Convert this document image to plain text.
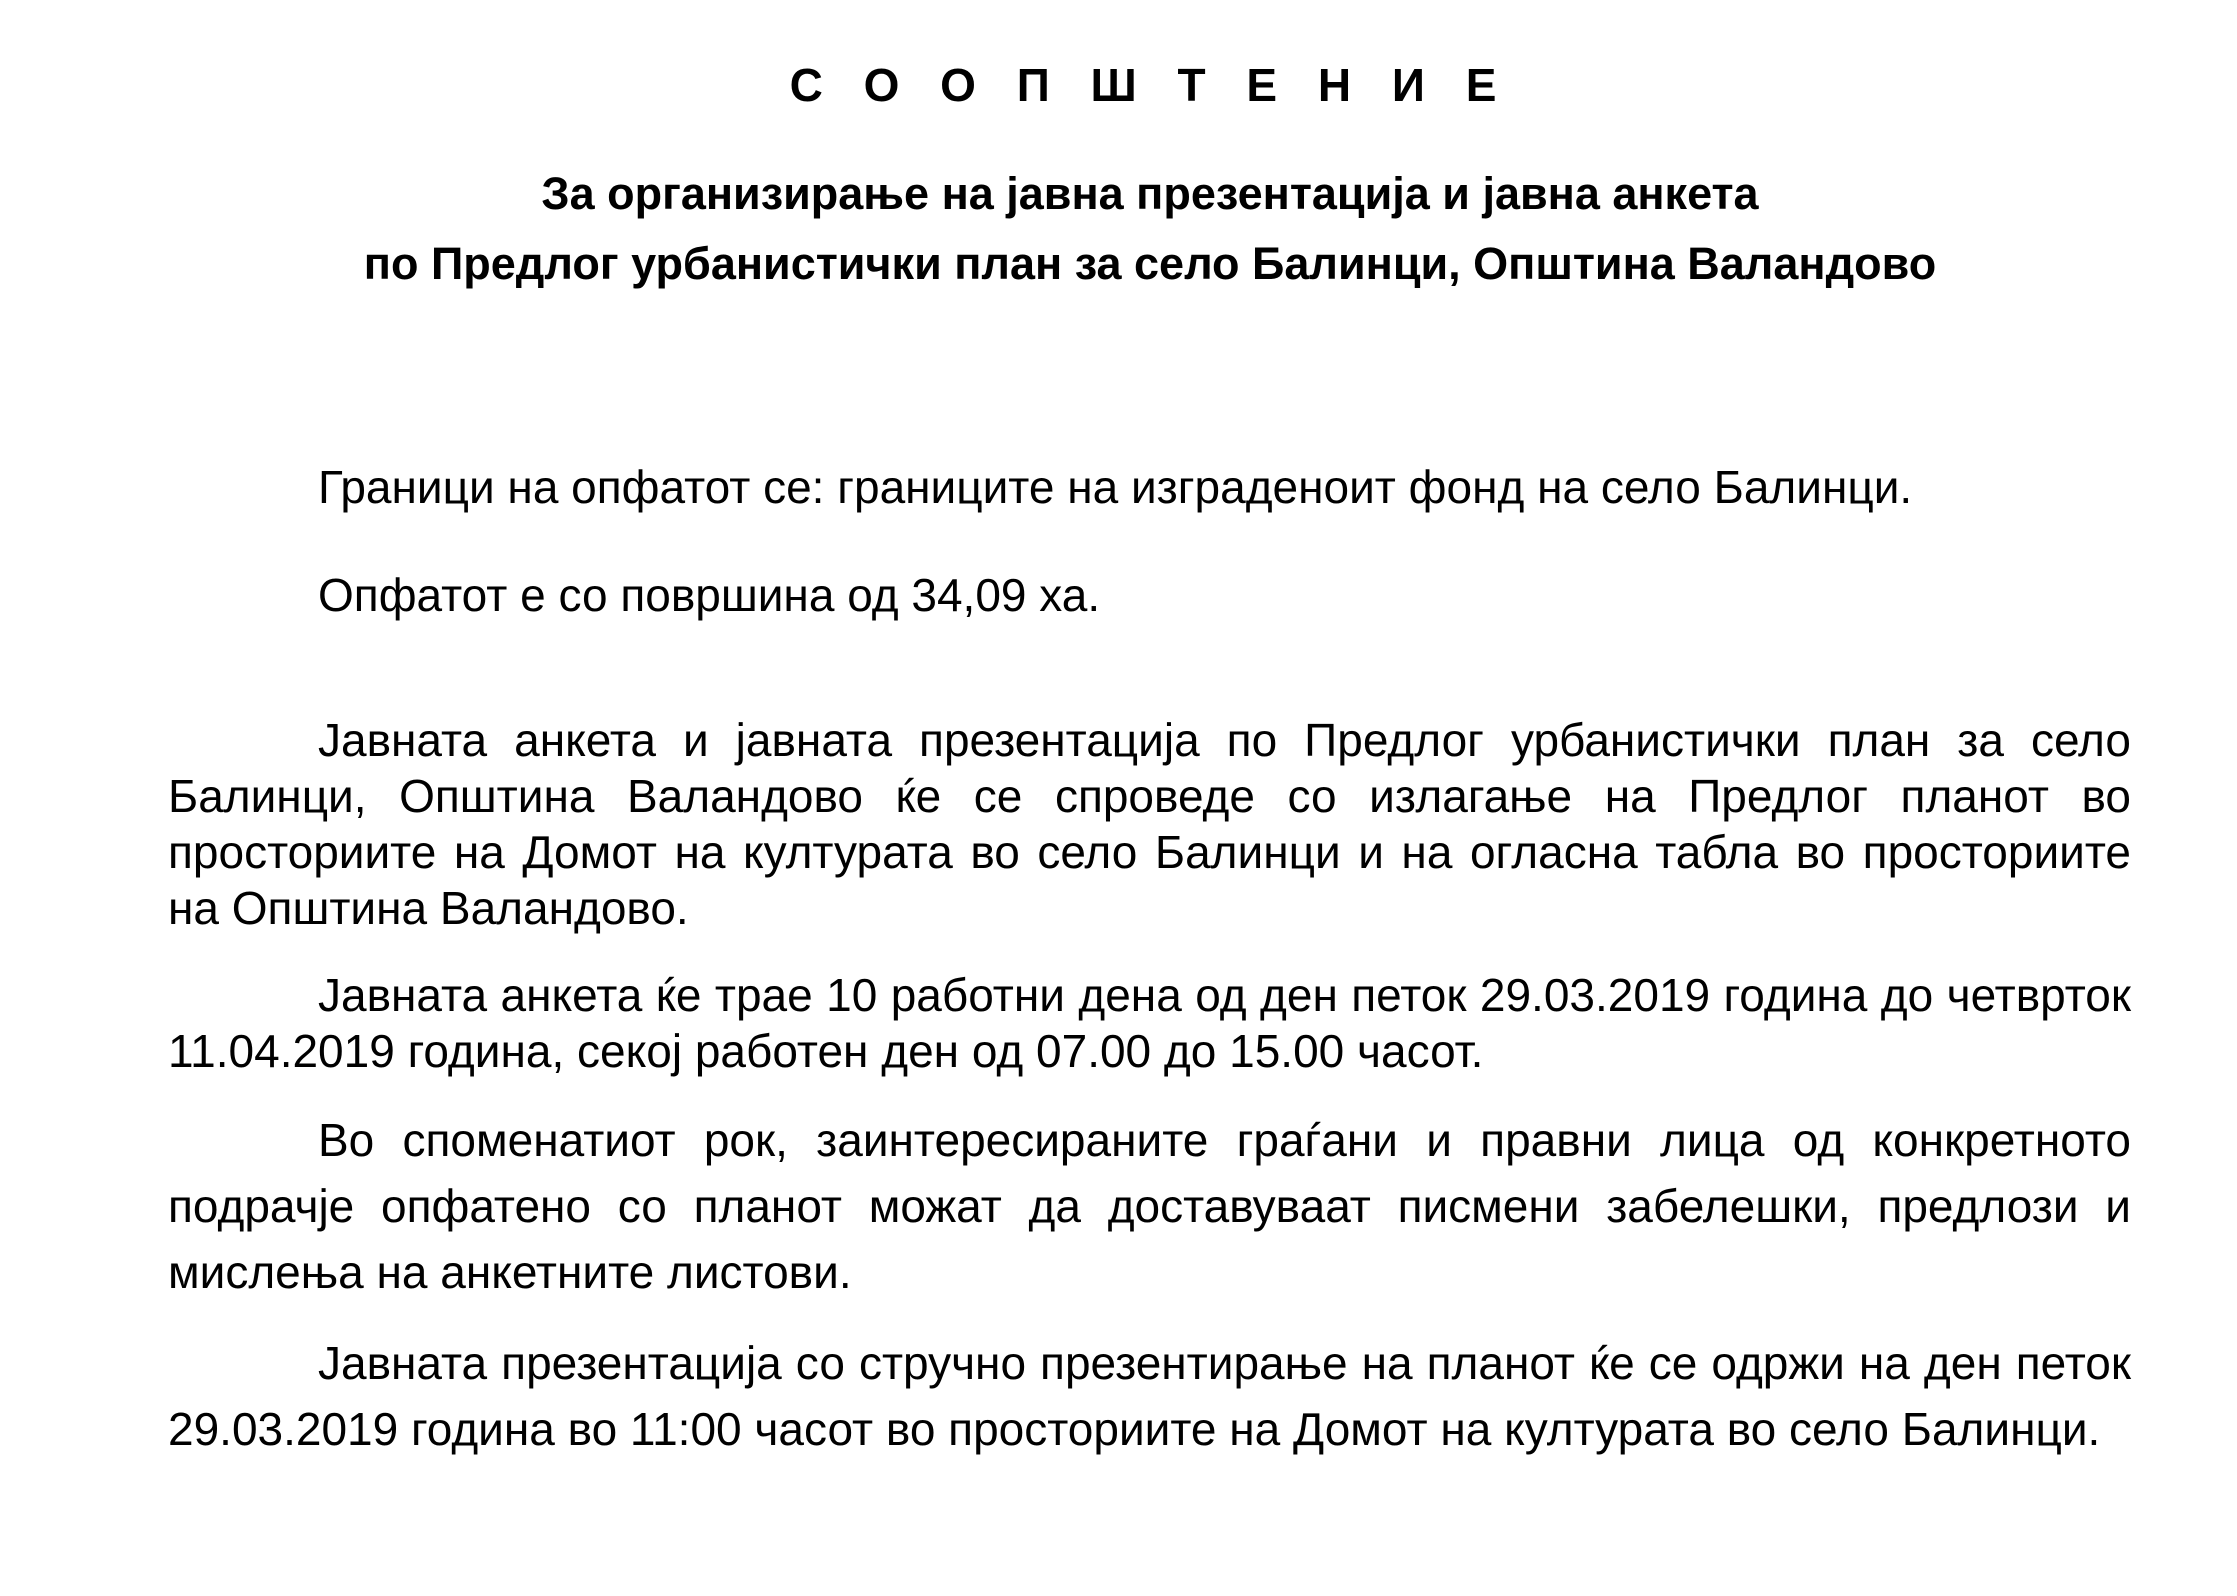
С О О П Ш Т Е Н И Е
За организирање на јавна презентација и јавна анкета
по Предлог урбанистички план за село Балинци, Општина Валандово

Граници на опфатот се: границите на изграденоит фонд на село Балинци.

Опфатот е со површина од 34,09 ха.

Јавната анкета и јавната презентација по Предлог урбанистички план за село Балинци, Општина Валандово ќе се спроведе со излагање на Предлог планот во просториите на Домот на културата во село Балинци и на огласна табла во просториите на Општина Валандово.

Јавната анкета ќе трае 10 работни дена од ден петок 29.03.2019 година до четврток 11.04.2019 година, секој работен ден од 07.00 до 15.00 часот.

Во споменатиот рок, заинтересираните граѓани и правни лица од конкретното подрачје опфатено со планот можат да доставуваат писмени забелешки, предлози и мислења на анкетните листови.

Јавната презентација со стручно презентирање на планот ќе се одржи на ден петок 29.03.2019 година во 11:00 часот во просториите на Домот на културата во село Балинци.
